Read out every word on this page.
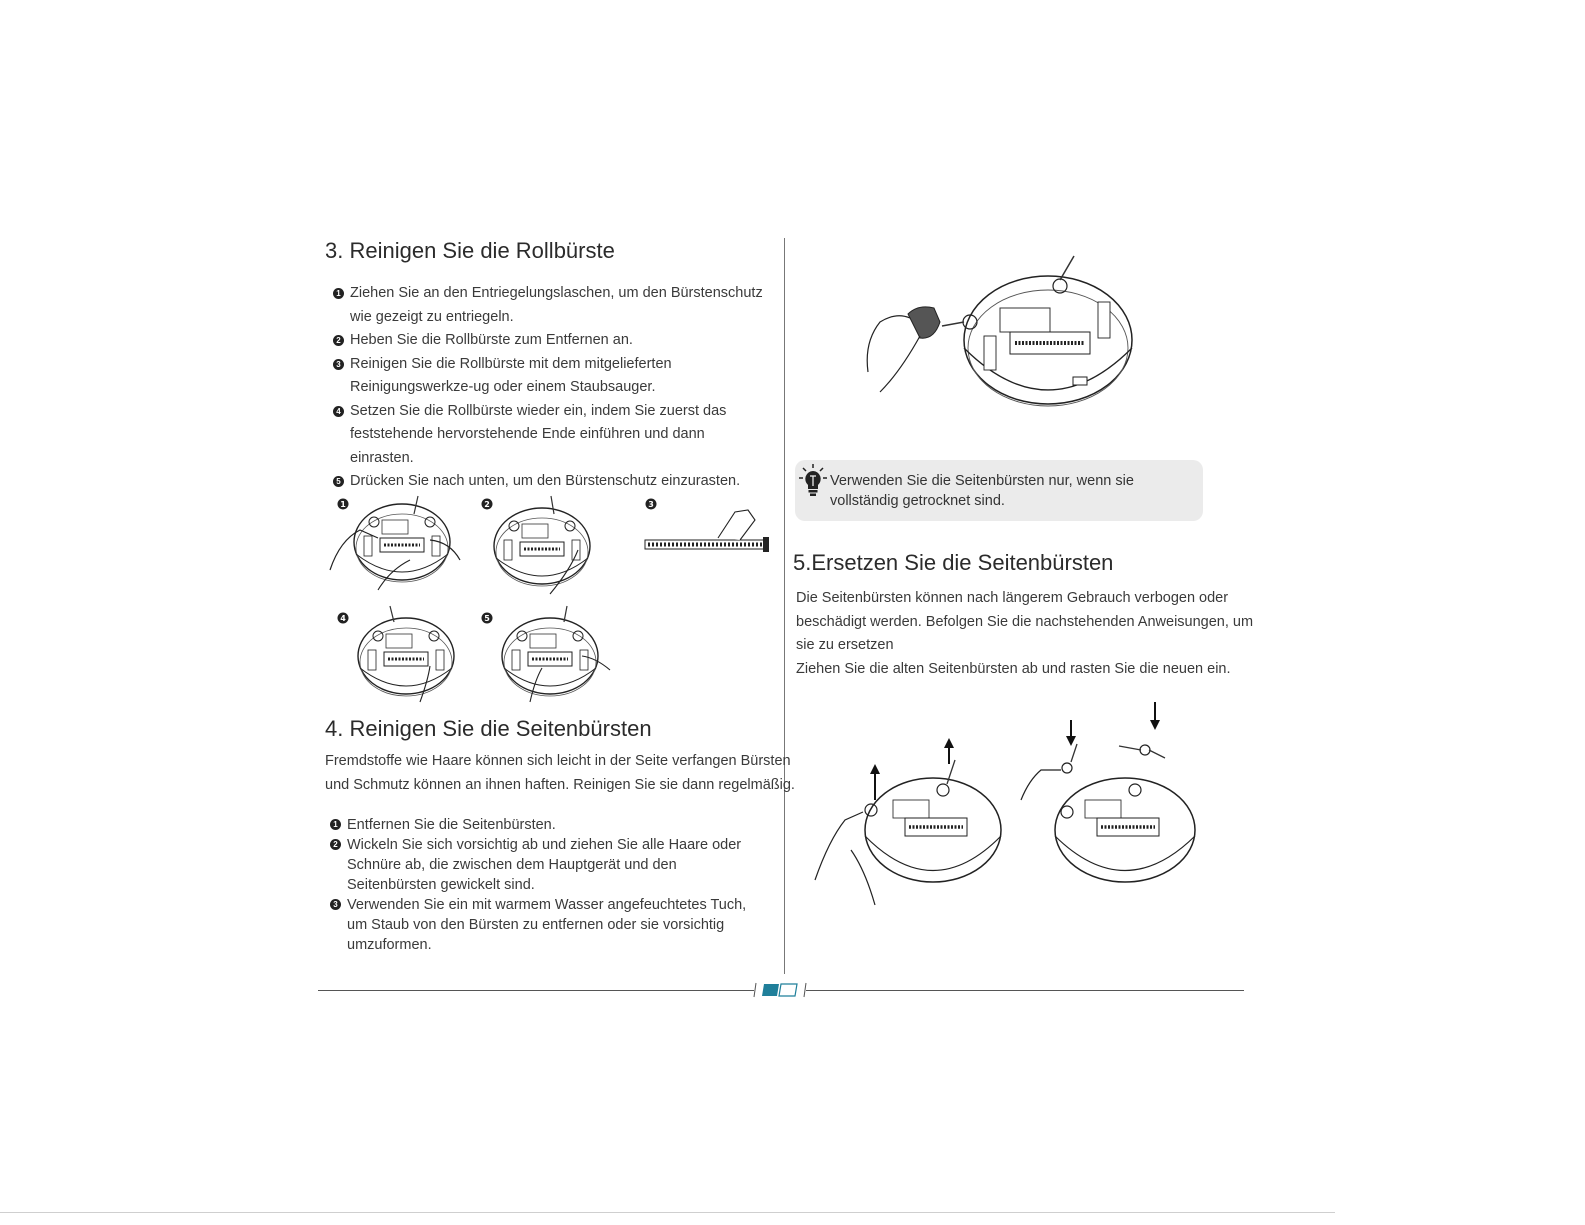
3. Reinigen Sie die Rollbürste
1 Ziehen Sie an den Entriegelungslaschen, um den Bürstenschutz wie gezeigt zu entriegeln.
2 Heben Sie die Rollbürste zum Entfernen an.
3 Reinigen Sie die Rollbürste mit dem mitgelieferten Reinigungswerkze-ug oder einem Staubsauger.
4 Setzen Sie die Rollbürste wieder ein, indem Sie zuerst das feststehende hervorstehende Ende einführen und dann einrasten.
5 Drücken Sie nach unten, um den Bürstenschutz einzurasten.
1	2	3
4	5
4. Reinigen Sie die Seitenbürsten
Fremdstoffe wie Haare können sich leicht in der Seite verfangen Bürsten
und Schmutz können an ihnen haften. Reinigen Sie sie dann regelmäßig.
1 Entfernen Sie die Seitenbürsten.
2 Wickeln Sie sich vorsichtig ab und ziehen Sie alle Haare oder Schnüre ab, die zwischen dem Hauptgerät und den Seitenbürsten gewickelt sind.
3 Verwenden Sie ein mit warmem Wasser angefeuchtetes Tuch, um Staub von den Bürsten zu entfernen oder sie vorsichtig umzuformen.
Verwenden Sie die Seitenbürsten nur, wenn sie vollständig getrocknet sind.
5.Ersetzen Sie die Seitenbürsten
Die Seitenbürsten können nach längerem Gebrauch verbogen oder
beschädigt werden. Befolgen Sie die nachstehenden Anweisungen, um
sie zu ersetzen
Ziehen Sie die alten Seitenbürsten ab und rasten Sie die neuen ein.
